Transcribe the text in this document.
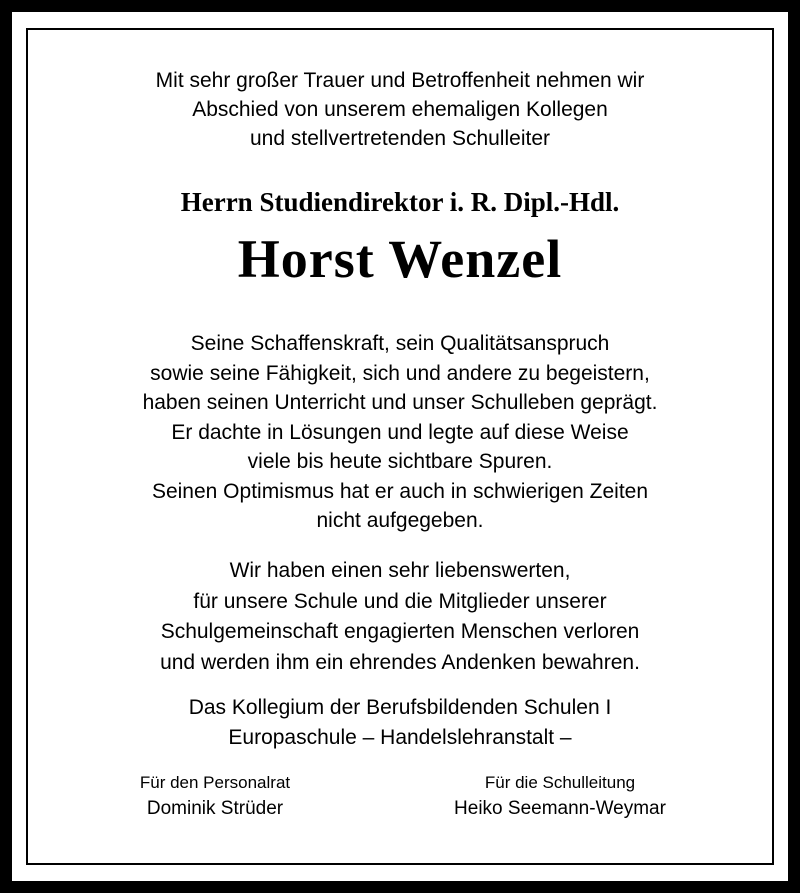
Mit sehr großer Trauer und Betroffenheit nehmen wir
Abschied von unserem ehemaligen Kollegen
und stellvertretenden Schulleiter
Herrn Studiendirektor i. R. Dipl.-Hdl.
Horst Wenzel
Seine Schaffenskraft, sein Qualitätsanspruch
sowie seine Fähigkeit, sich und andere zu begeistern,
haben seinen Unterricht und unser Schulleben geprägt.
Er dachte in Lösungen und legte auf diese Weise
viele bis heute sichtbare Spuren.
Seinen Optimismus hat er auch in schwierigen Zeiten
nicht aufgegeben.
Wir haben einen sehr liebenswerten,
für unsere Schule und die Mitglieder unserer
Schulgemeinschaft engagierten Menschen verloren
und werden ihm ein ehrendes Andenken bewahren.
Das Kollegium der Berufsbildenden Schulen I
Europaschule – Handelslehranstalt –
Für den Personalrat
Dominik Strüder
Für die Schulleitung
Heiko Seemann-Weymar
